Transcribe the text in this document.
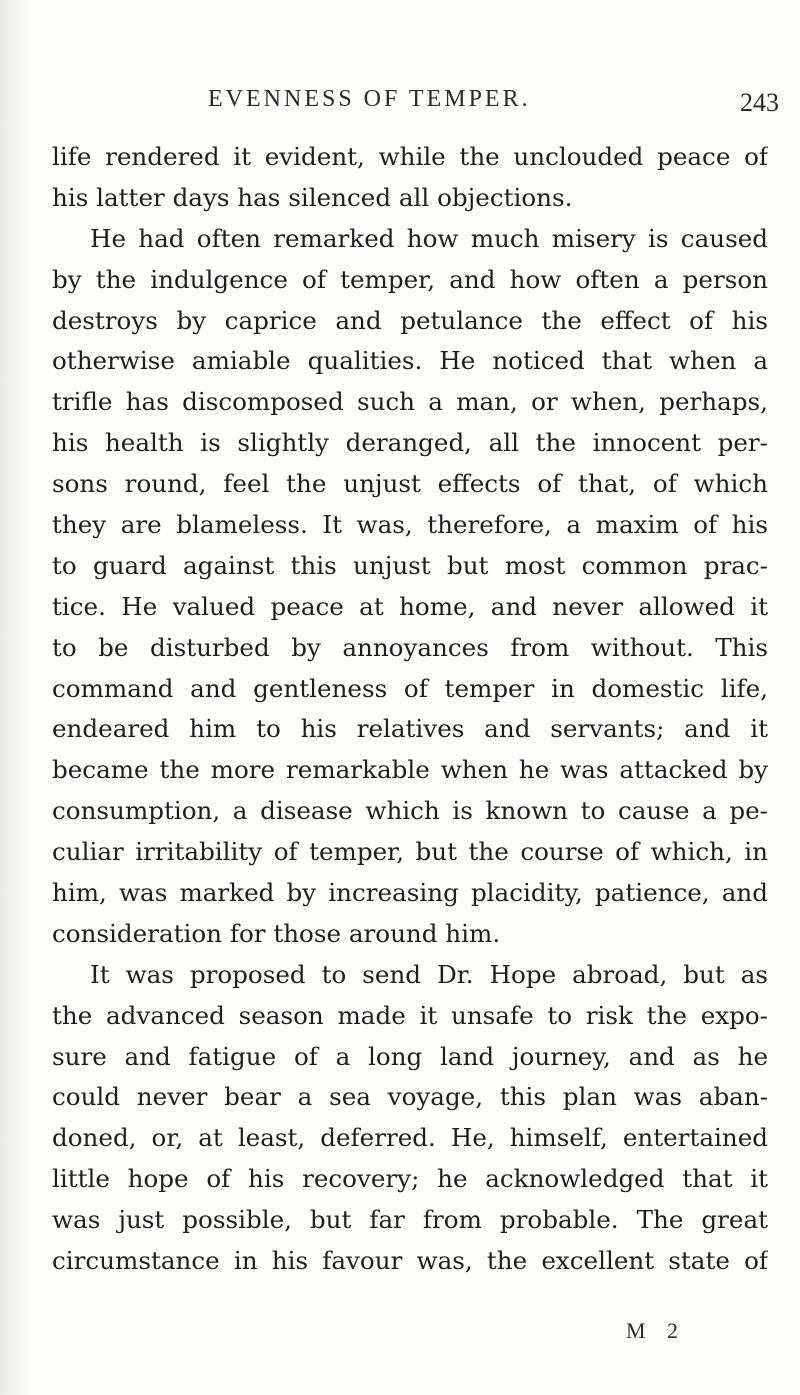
EVENNESS OF TEMPER.	243
life rendered it evident, while the unclouded peace of
his latter days has silenced all objections.
He had often remarked how much misery is caused
by the indulgence of temper, and how often a person
destroys by caprice and petulance the effect of his
otherwise amiable qualities. He noticed that when a
trifle has discomposed such a man, or when, perhaps,
his health is slightly deranged, all the innocent per-
sons round, feel the unjust effects of that, of which
they are blameless. It was, therefore, a maxim of his
to guard against this unjust but most common prac-
tice. He valued peace at home, and never allowed it
to be disturbed by annoyances from without. This
command and gentleness of temper in domestic life,
endeared him to his relatives and servants; and it
became the more remarkable when he was attacked by
consumption, a disease which is known to cause a pe-
culiar irritability of temper, but the course of which, in
him, was marked by increasing placidity, patience, and
consideration for those around him.
It was proposed to send Dr. Hope abroad, but as
the advanced season made it unsafe to risk the expo-
sure and fatigue of a long land journey, and as he
could never bear a sea voyage, this plan was aban-
doned, or, at least, deferred. He, himself, entertained
little hope of his recovery; he acknowledged that it
was just possible, but far from probable. The great
circumstance in his favour was, the excellent state of
M 2
